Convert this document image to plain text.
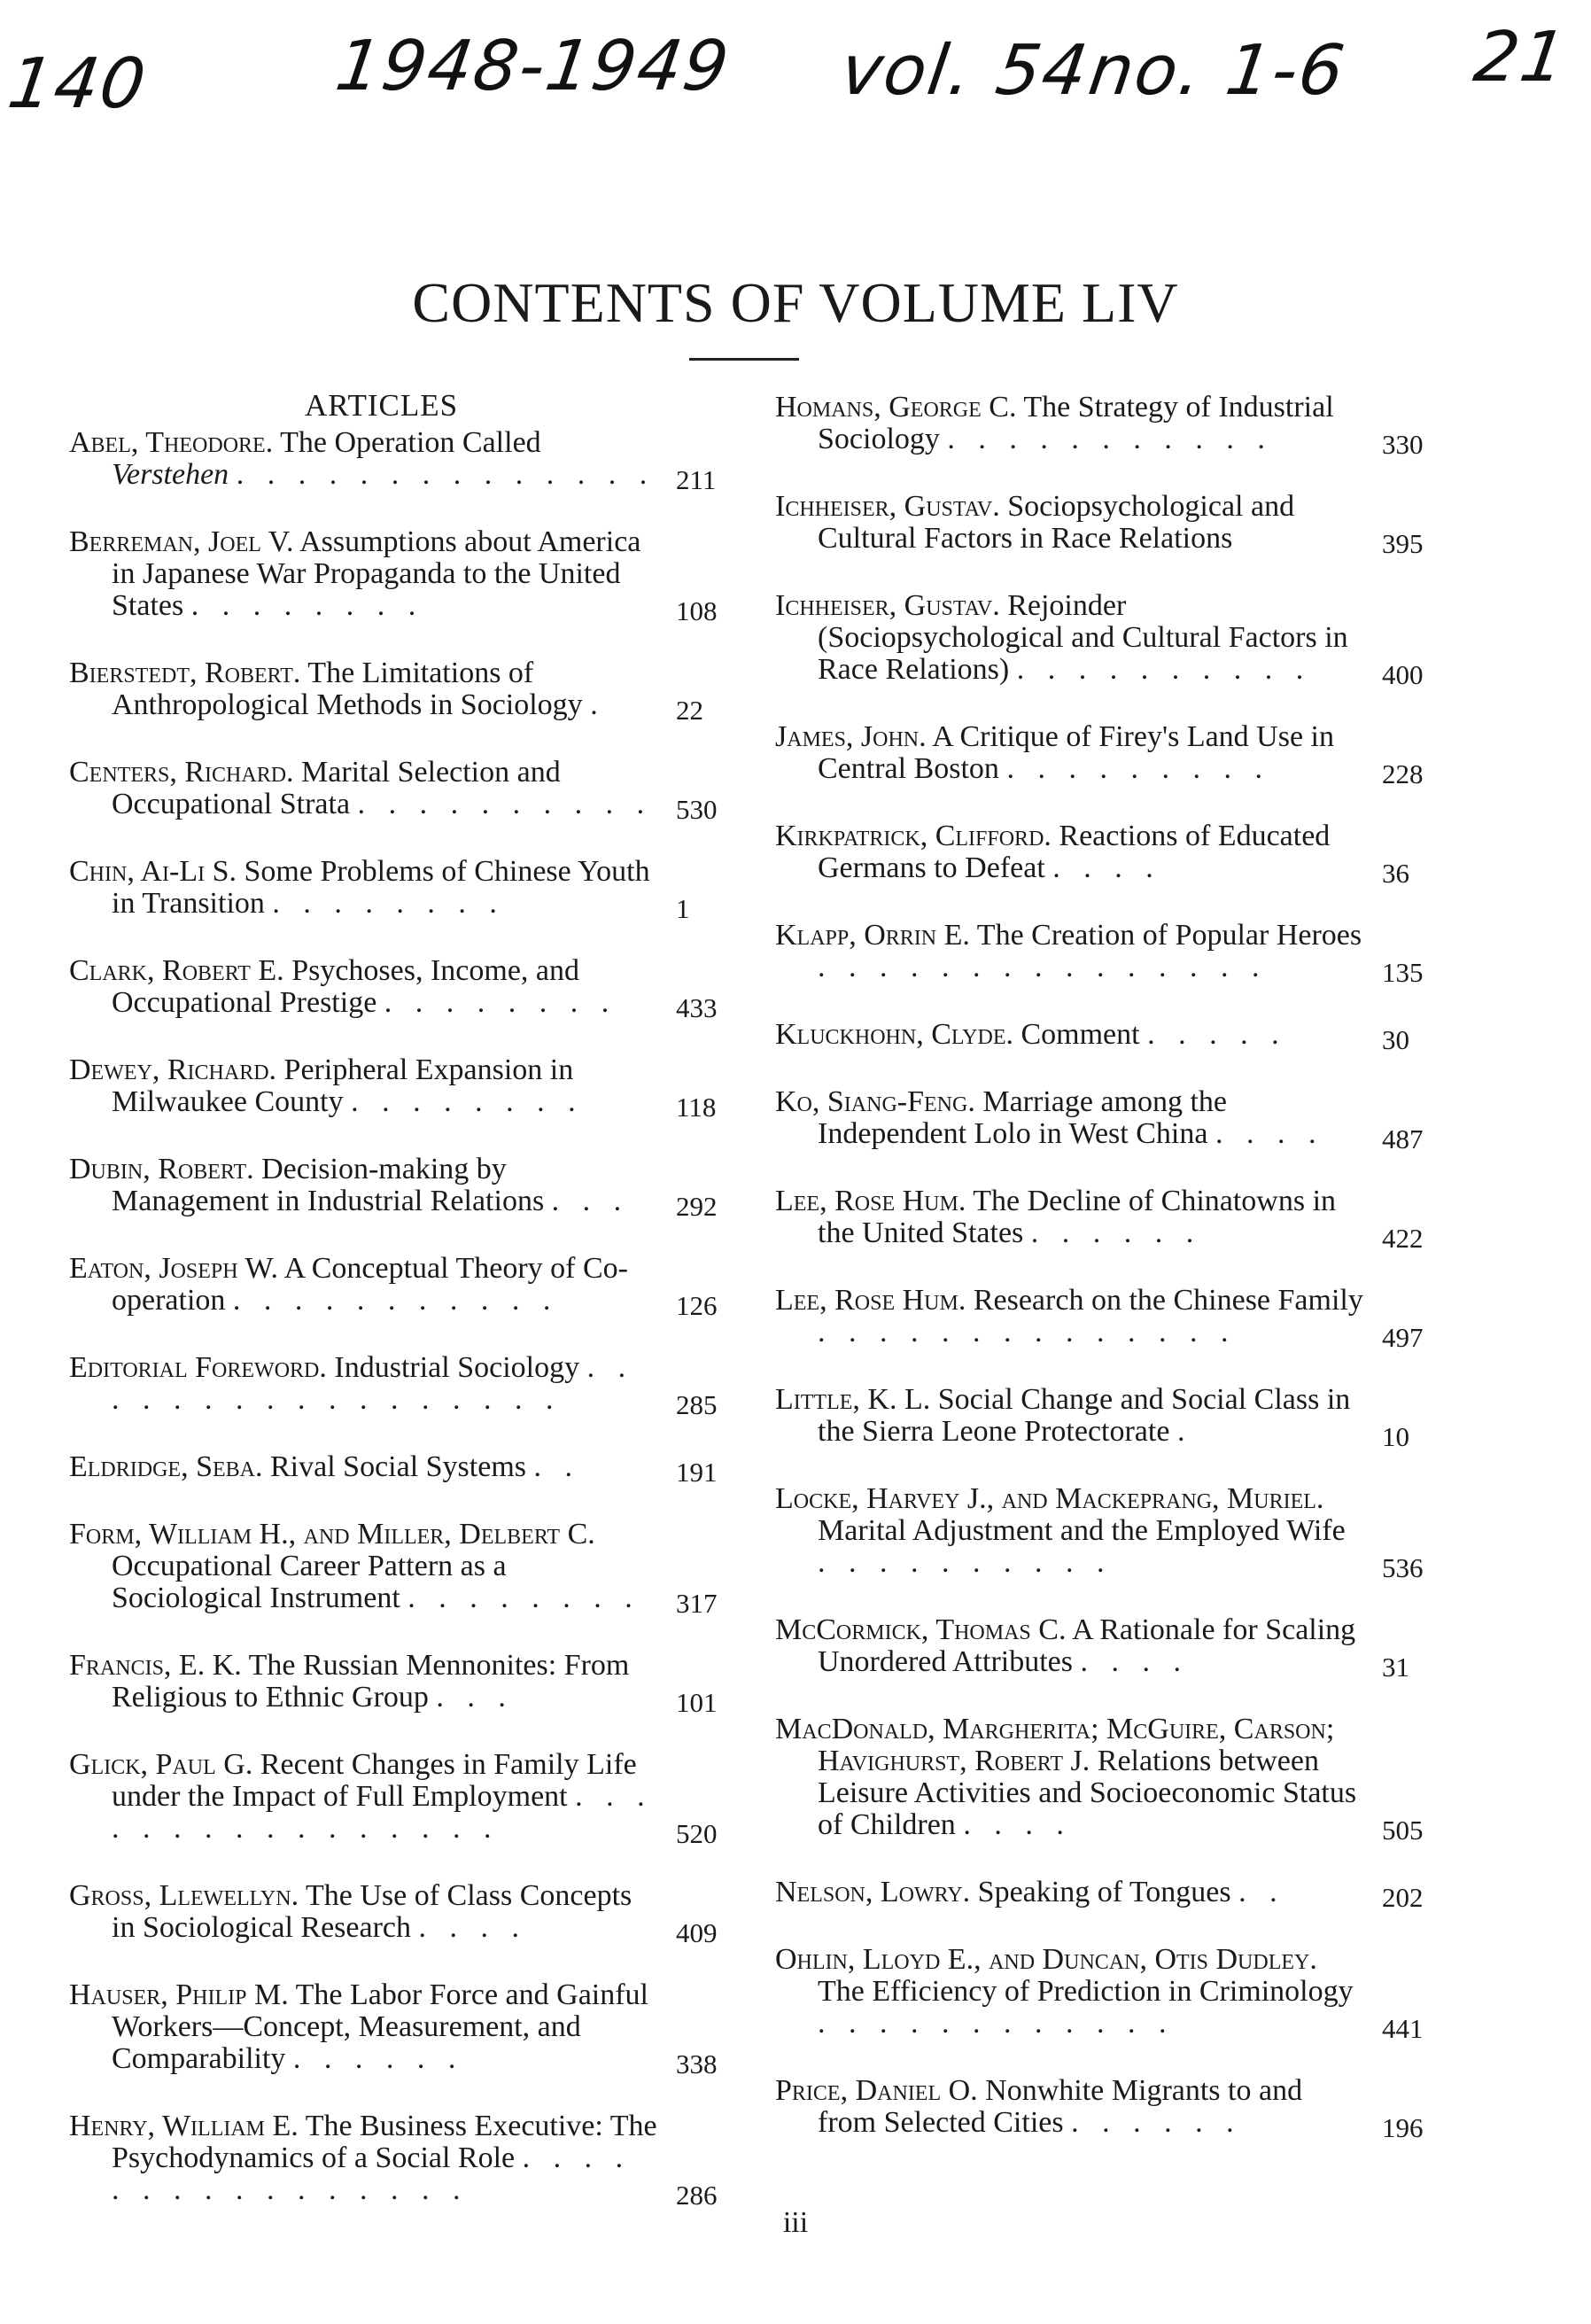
140	1948-1949 vol. 54
no. 1-6 21
CONTENTS OF VOLUME LIV
ARTICLES
Abel, Theodore. The Operation Called Verstehen . . . . . . . . . . . . . . 211
Berreman, Joel V. Assumptions about America in Japanese War Propaganda to the United States . . . . . . . .	108
Bierstedt, Robert. The Limitations of Anthropological Methods in Sociology .	22
Centers, Richard. Marital Selection and Occupational Strata . . . . . . . . . . 530
Chin, Ai-Li S. Some Problems of Chinese Youth in Transition . . . . . . . .	1
Clark, Robert E. Psychoses, Income, and Occupational Prestige . . . . . . . . 433
Dewey, Richard. Peripheral Expansion in Milwaukee County . . . . . . . .	118
Dubin, Robert. Decision-making by Management in Industrial Relations . . . 292
Eaton, Joseph W. A Conceptual Theory of Co-operation . . . . . . . . . . .	126
Editorial Foreword. Industrial Sociology . . . . . . . . . . . . . . . . .	285
Eldridge, Seba. Rival Social Systems . .	191
Form, William H., and Miller, Delbert C. Occupational Career Pattern as a Sociological Instrument . . . . . . . . 317
Francis, E. K. The Russian Mennonites: From Religious to Ethnic Group . . .	101
Glick, Paul G. Recent Changes in Family Life under the Impact of Full Employment . . . . . . . . . . . . . . . .	520
Gross, Llewellyn. The Use of Class Concepts in Sociological Research . . . .	409
Hauser, Philip M. The Labor Force and Gainful Workers—Concept, Measurement, and Comparability . . . . . .	338
Henry, William E. The Business Executive: The Psychodynamics of a Social Role . . . . . . . . . . . . . . . .	286
Homans, George C. The Strategy of Industrial Sociology . . . . . . . . . . .	330
Ichheiser, Gustav. Sociopsychological and Cultural Factors in Race Relations	395
Ichheiser, Gustav. Rejoinder (Sociopsychological and Cultural Factors in Race Relations) . . . . . . . . . .	400
James, John. A Critique of Firey's Land Use in Central Boston . . . . . . . . .	228
Kirkpatrick, Clifford. Reactions of Educated Germans to Defeat . . . .	36
Klapp, Orrin E. The Creation of Popular Heroes . . . . . . . . . . . . . . .	135
Kluckhohn, Clyde. Comment . . . . .	30
Ko, Siang-Feng. Marriage among the Independent Lolo in West China . . . . 487
Lee, Rose Hum. The Decline of Chinatowns in the United States . . . . . .	422
Lee, Rose Hum. Research on the Chinese Family . . . . . . . . . . . . . .	497
Little, K. L. Social Change and Social Class in the Sierra Leone Protectorate .	10
Locke, Harvey J., and Mackeprang, Muriel. Marital Adjustment and the Employed Wife . . . . . . . . . .	536
McCormick, Thomas C. A Rationale for Scaling Unordered Attributes . . . .	31
MacDonald, Margherita; McGuire, Carson; Havighurst, Robert J. Relations between Leisure Activities and Socioeconomic Status of Children . . . .	505
Nelson, Lowry. Speaking of Tongues . .	202
Ohlin, Lloyd E., and Duncan, Otis Dudley. The Efficiency of Prediction in Criminology . . . . . . . . . . . .	441
Price, Daniel O. Nonwhite Migrants to and from Selected Cities . . . . . .	196
iii
